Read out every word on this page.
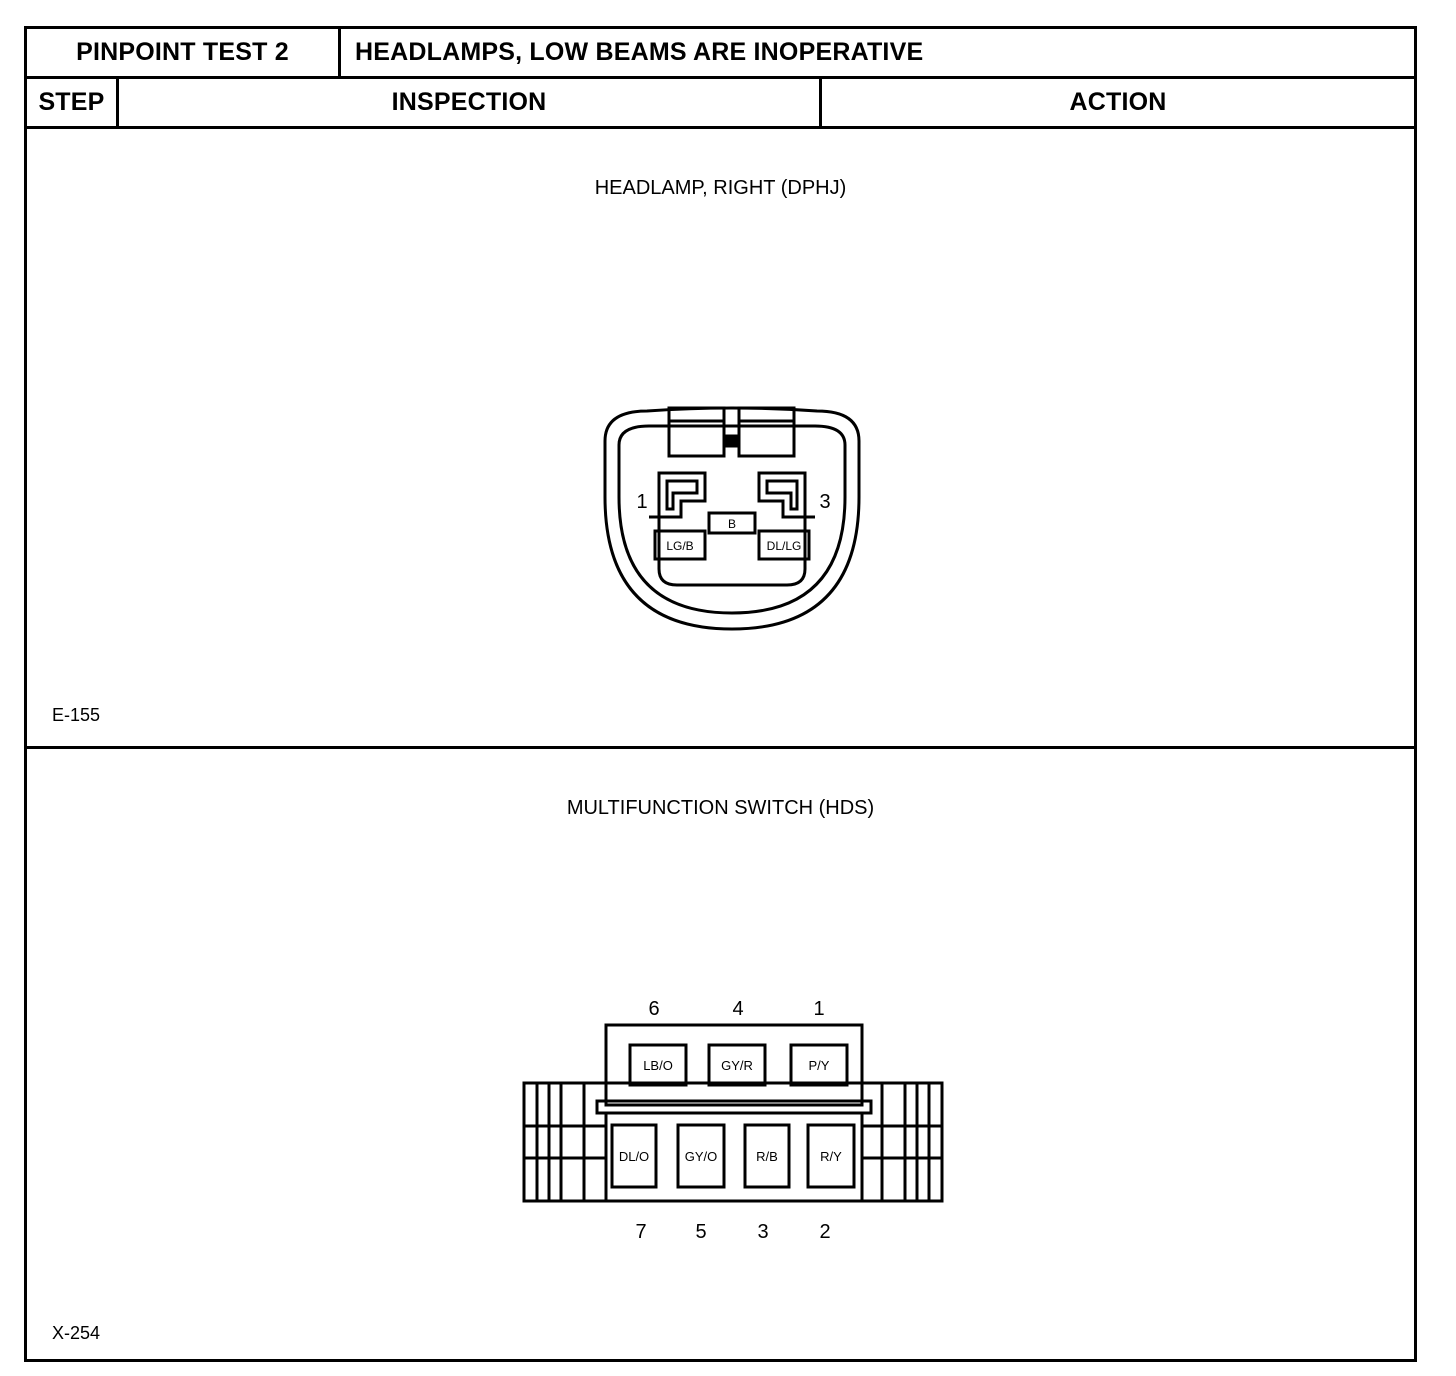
PINPOINT TEST 2	HEADLAMPS, LOW BEAMS ARE INOPERATIVE
STEP	INSPECTION	ACTION
HEADLAMP, RIGHT (DPHJ)
1	3
LG/B
B
DL/LG
E-155
MULTIFUNCTION SWITCH (HDS)
6	4	1
LB/O	GY/R	P/Y
DL/O	GY/O	R/B	R/Y
7 5	3	2
X-254
